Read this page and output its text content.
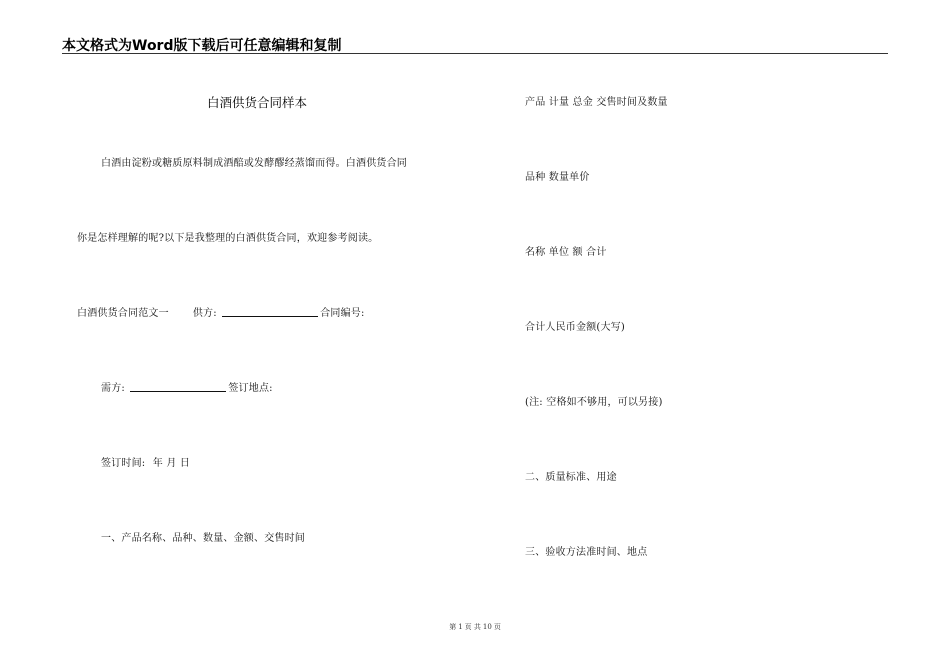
本文格式为Word版下载后可任意编辑和复制
白酒供货合同样本
白酒由淀粉或糖质原料制成酒醅或发酵醪经蒸馏而得。白酒供货合同
你是怎样理解的呢?以下是我整理的白酒供货合同，欢迎参考阅读。
白酒供货合同范文一 供方:	合同编号:
需方:	签订地点:
签订时间: 年 月 日
一、产品名称、品种、数量、金额、交售时间
产品 计量 总金 交售时间及数量
品种 数量单价
名称 单位 额 合计
合计人民币金额(大写)
(注: 空格如不够用，可以另接)
二、质量标准、用途
三、验收方法准时间、地点
第 1 页 共 10 页
